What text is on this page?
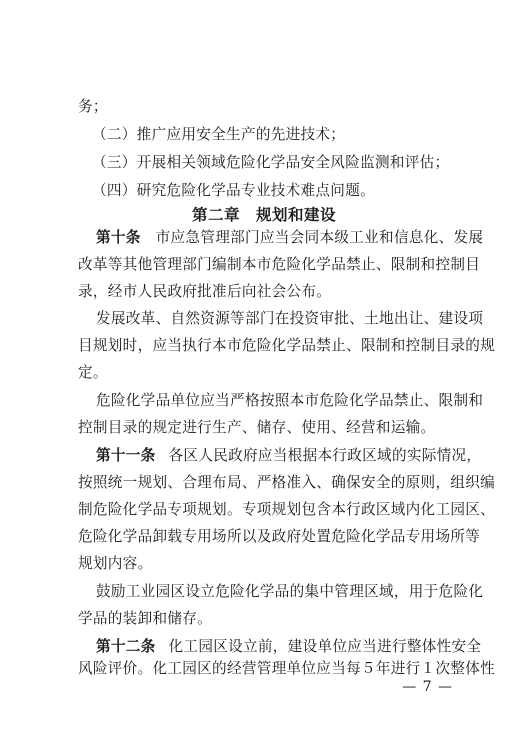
务；
（二）推广应用安全生产的先进技术；
（三）开展相关领域危险化学品安全风险监测和评估；
（四）研究危险化学品专业技术难点问题。
第二章　规划和建设
第十条 市应急管理部门应当会同本级工业和信息化、发展
改革等其他管理部门编制本市危险化学品禁止、限制和控制目
录，经市人民政府批准后向社会公布。
发展改革、自然资源等部门在投资审批、土地出让、建设项
目规划时，应当执行本市危险化学品禁止、限制和控制目录的规
定。
危险化学品单位应当严格按照本市危险化学品禁止、限制和
控制目录的规定进行生产、储存、使用、经营和运输。
第十一条 各区人民政府应当根据本行政区域的实际情况，
按照统一规划、合理布局、严格准入、确保安全的原则，组织编
制危险化学品专项规划。专项规划包含本行政区域内化工园区、
危险化学品卸载专用场所以及政府处置危险化学品专用场所等
规划内容。
鼓励工业园区设立危险化学品的集中管理区域，用于危险化
学品的装卸和储存。
第十二条 化工园区设立前，建设单位应当进行整体性安全
风险评价。化工园区的经营管理单位应当每５年进行１次整体性
— 7 —
